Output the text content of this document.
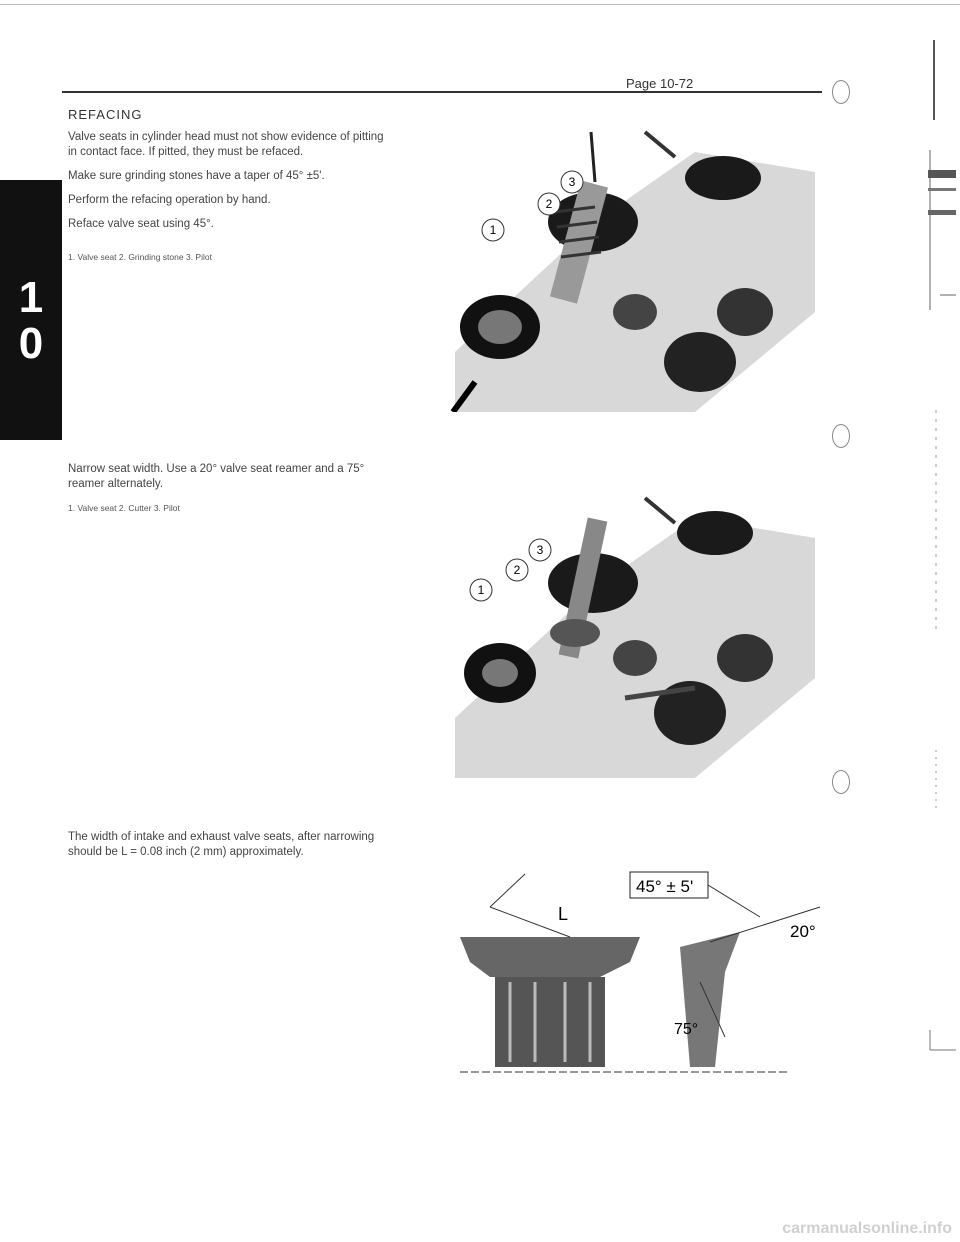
Page 10-72
1
0
REFACING
Valve seats in cylinder head must not show evidence of pitting
in contact face. If pitted, they must be refaced.
Make sure grinding stones have a taper of 45° ±5'.
Perform the refacing operation by hand.
Reface valve seat using 45°.
1. Valve seat 2. Grinding stone 3. Pilot
Narrow seat width. Use a 20° valve seat reamer and a 75°
reamer alternately.
1. Valve seat 2. Cutter 3. Pilot
The width of intake and exhaust valve seats, after narrowing
should be L = 0.08 inch (2 mm) approximately.
1
2
3
1
2
3
L
45° ± 5'
20°
75°
carmanualsonline.info
